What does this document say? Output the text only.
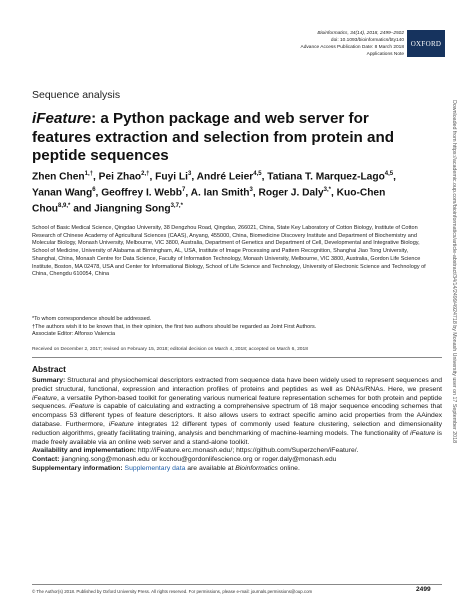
Bioinformatics, 34(14), 2018, 2499–2502
doi: 10.1093/bioinformatics/bty140
Advance Access Publication Date: 8 March 2018
Applications Note
OXFORD
Sequence analysis
iFeature: a Python package and web server for features extraction and selection from protein and peptide sequences
Zhen Chen$^{1,\dagger}$, Pei Zhao$^{2,\dagger}$, Fuyi Li$^3$, André Leier$^{4,5}$, Tatiana T. Marquez-Lago$^{4,5}$, Yanan Wang$^6$, Geoffrey I. Webb$^7$, A. Ian Smith$^3$, Roger J. Daly$^{3,*}$, Kuo-Chen Chou$^{8,9,*}$ and Jiangning Song$^{3,7,*}$
School of Basic Medical Science, Qingdao University, 38 Dengzhou Road, Qingdao, 266021, China, State Key Laboratory of Cotton Biology, Institute of Cotton Research of Chinese Academy of Agricultural Sciences (CAAS), Anyang, 455000, China, Biomedicine Discovery Institute and Department of Biochemistry and Molecular Biology, Monash University, Melbourne, VIC 3800, Australia, Department of Genetics and Department of Cell, Developmental and Integrative Biology, School of Medicine, University of Alabama at Birmingham, AL, USA, Institute of Image Processing and Pattern Recognition, Shanghai Jiao Tong University, Shanghai, China, Monash Centre for Data Science, Faculty of Information Technology, Monash University, Melbourne, VIC 3800, Australia, Gordon Life Science Institute, Boston, MA 02478, USA and Center for Informational Biology, School of Life Science and Technology, University of Electronic Science and Technology of China, Chengdu 610054, China
*To whom correspondence should be addressed.
†The authors wish it to be known that, in their opinion, the first two authors should be regarded as Joint First Authors.
Associate Editor: Alfonso Valencia
Received on December 2, 2017; revised on February 15, 2018; editorial decision on March 4, 2018; accepted on March 6, 2018
Abstract

Summary: Structural and physiochemical descriptors extracted from sequence data have been widely used to represent sequences and predict structural, functional, expression and interaction profiles of proteins and peptides as well as DNAs/RNAs. Here, we present iFeature, a versatile Python-based toolkit for generating various numerical feature representation schemes for both protein and peptide sequences. iFeature is capable of calculating and extracting a comprehensive spectrum of 18 major sequence encoding schemes that encompass 53 different types of feature descriptors. It also allows users to extract specific amino acid properties from the AAindex database. Furthermore, iFeature integrates 12 different types of commonly used feature clustering, selection and dimensionality reduction algorithms, greatly facilitating training, analysis and benchmarking of machine-learning models. The functionality of iFeature is made freely available via an online web server and a stand-alone toolkit.

Availability and implementation: http://iFeature.erc.monash.edu/; https://github.com/Superzchen/iFeature/.

Contact: jiangning.song@monash.edu or kcchou@gordonlifescience.org or roger.daly@monash.edu

Supplementary information: Supplementary data are available at Bioinformatics online.

© The Author(s) 2018. Published by Oxford University Press. All rights reserved. For permissions, please e-mail: journals.permissions@oup.com	2499
Downloaded from https://academic.oup.com/bioinformatics/article-abstract/34/14/2499/4924718 by Monash University user on 17 September 2018
